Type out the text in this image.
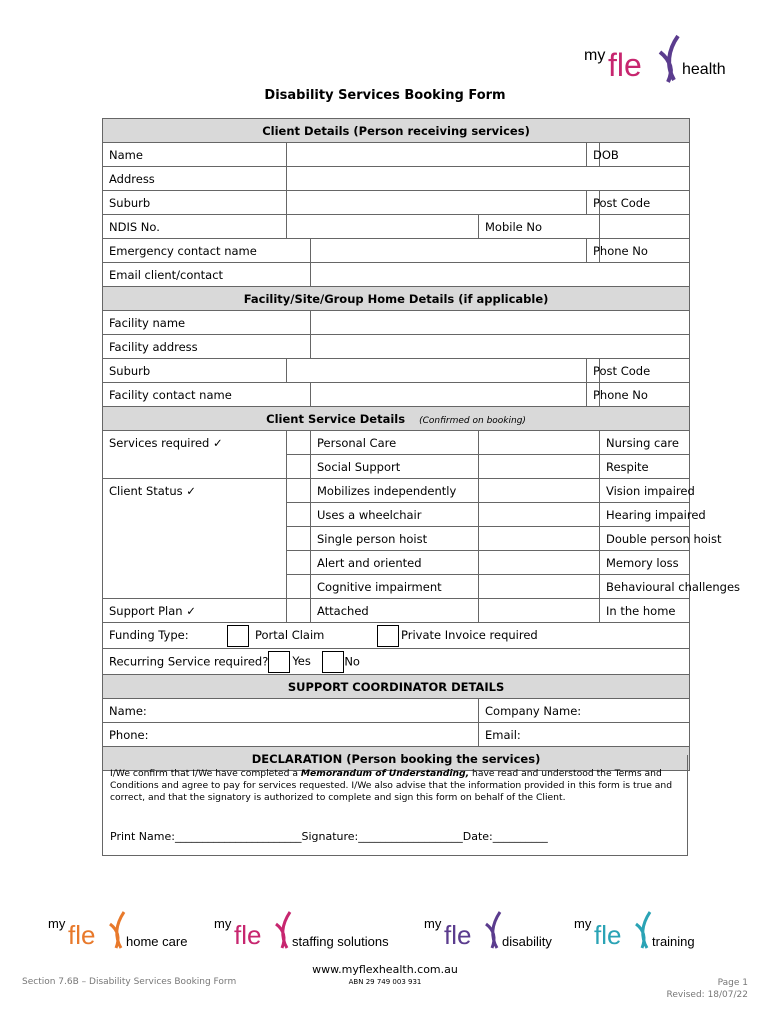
my fle	health
Disability Services Booking Form
Client Details (Person receiving services)					
Name				DOB	
Address					
Suburb				Post Code	
NDIS No.			Mobile No		
Emergency contact name				Phone No	
Email client/contact					
Facility/Site/Group Home Details (if applicable)					
Facility name					
Facility address					
Suburb				Post Code	
Facility contact name				Phone No	
Client Service Details (Confirmed on booking)					
Services required ✓		Personal Care			Nursing care
		Social Support			Respite
Client Status ✓		Mobilizes independently			Vision impaired
		Uses a wheelchair			Hearing impaired
		Single person hoist			Double person hoist
		Alert and oriented			Memory loss
		Cognitive impairment			Behavioural challenges
Support Plan ✓		Attached			In the home
Funding Type: Portal Claim Private Invoice required					
Recurring Service required? Yes No					
SUPPORT COORDINATOR DETAILS					
Name:			Company Name:		
Phone:			Email:		
DECLARATION (Person booking the services)					
I/We confirm that I/We have completed a Memorandum of Understanding, have read and understood the Terms and Conditions and agree to pay for services requested. I/We also advise that the information provided in this form is true and correct, and that the signatory is authorized to complete and sign this form on behalf of the Client.
Print Name:_______________________Signature:___________________Date:__________
my fle home care
my fle staffing solutions
my fle disability
my fle training
www.myflexhealth.com.au
ABN 29 749 003 931
Section 7.6B – Disability Services Booking Form	Page 1
Revised: 18/07/22
